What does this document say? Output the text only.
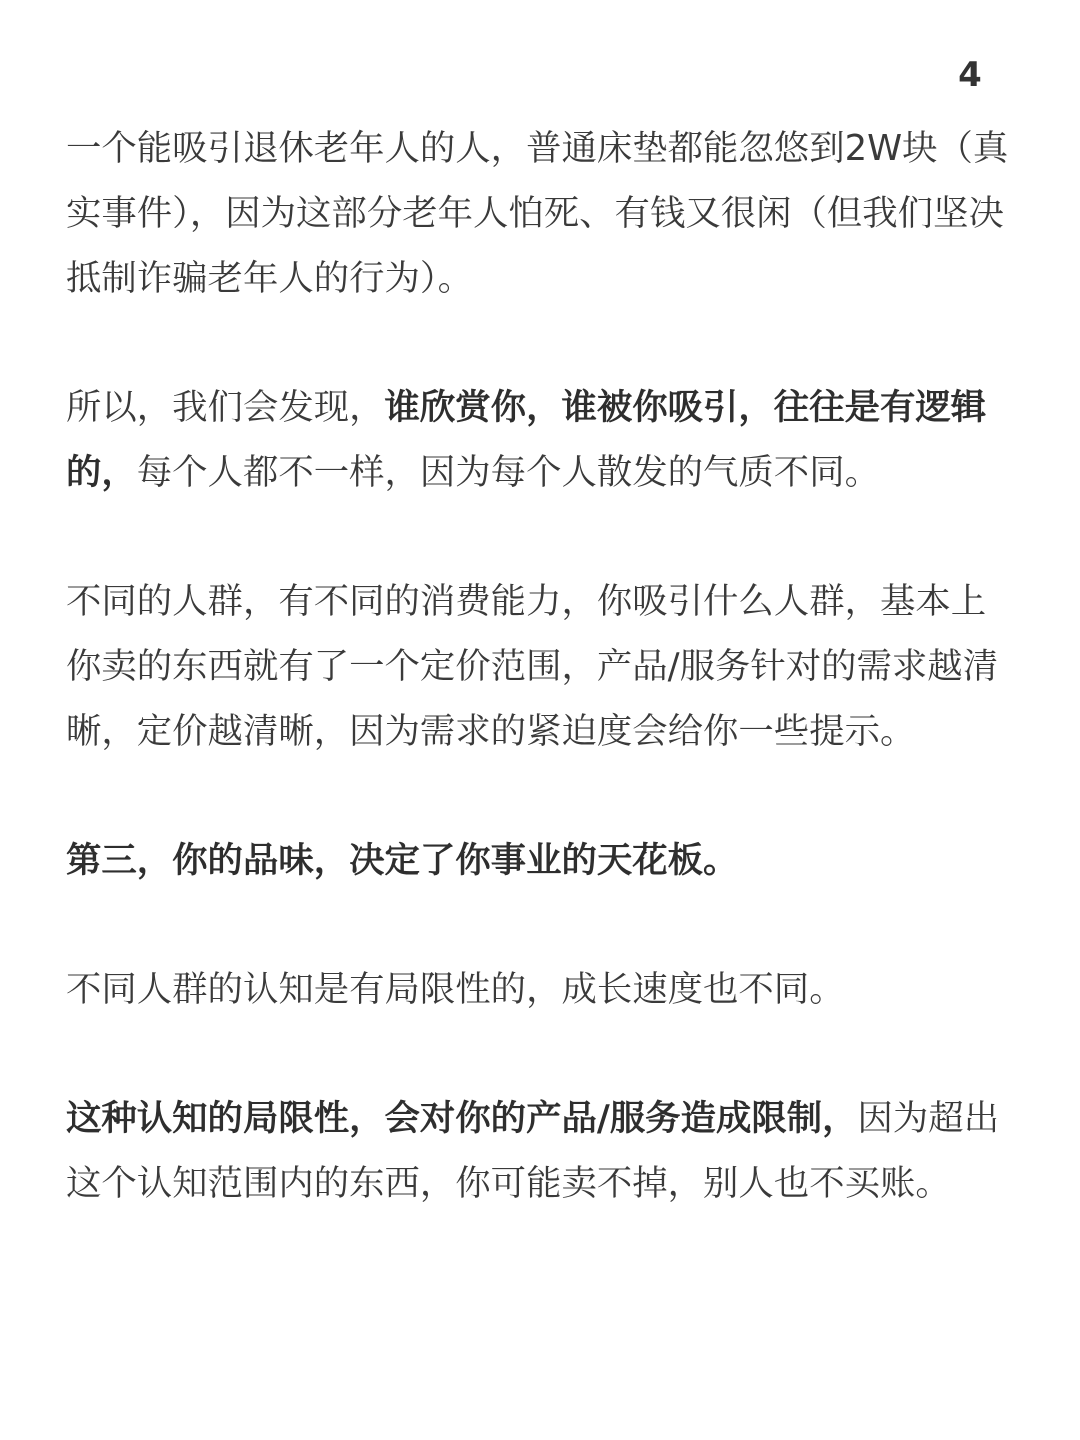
4

一个能吸引退休老年人的人，普通床垫都能忽悠到2W块（真实事件），因为这部分老年人怕死、有钱又很闲（但我们坚决抵制诈骗老年人的行为）。

所以，我们会发现，谁欣赏你，谁被你吸引，往往是有逻辑的，每个人都不一样，因为每个人散发的气质不同。

不同的人群，有不同的消费能力，你吸引什么人群，基本上你卖的东西就有了一个定价范围，产品/服务针对的需求越清晰，定价越清晰，因为需求的紧迫度会给你一些提示。

第三，你的品味，决定了你事业的天花板。

不同人群的认知是有局限性的，成长速度也不同。

这种认知的局限性，会对你的产品/服务造成限制，因为超出这个认知范围内的东西，你可能卖不掉，别人也不买账。
